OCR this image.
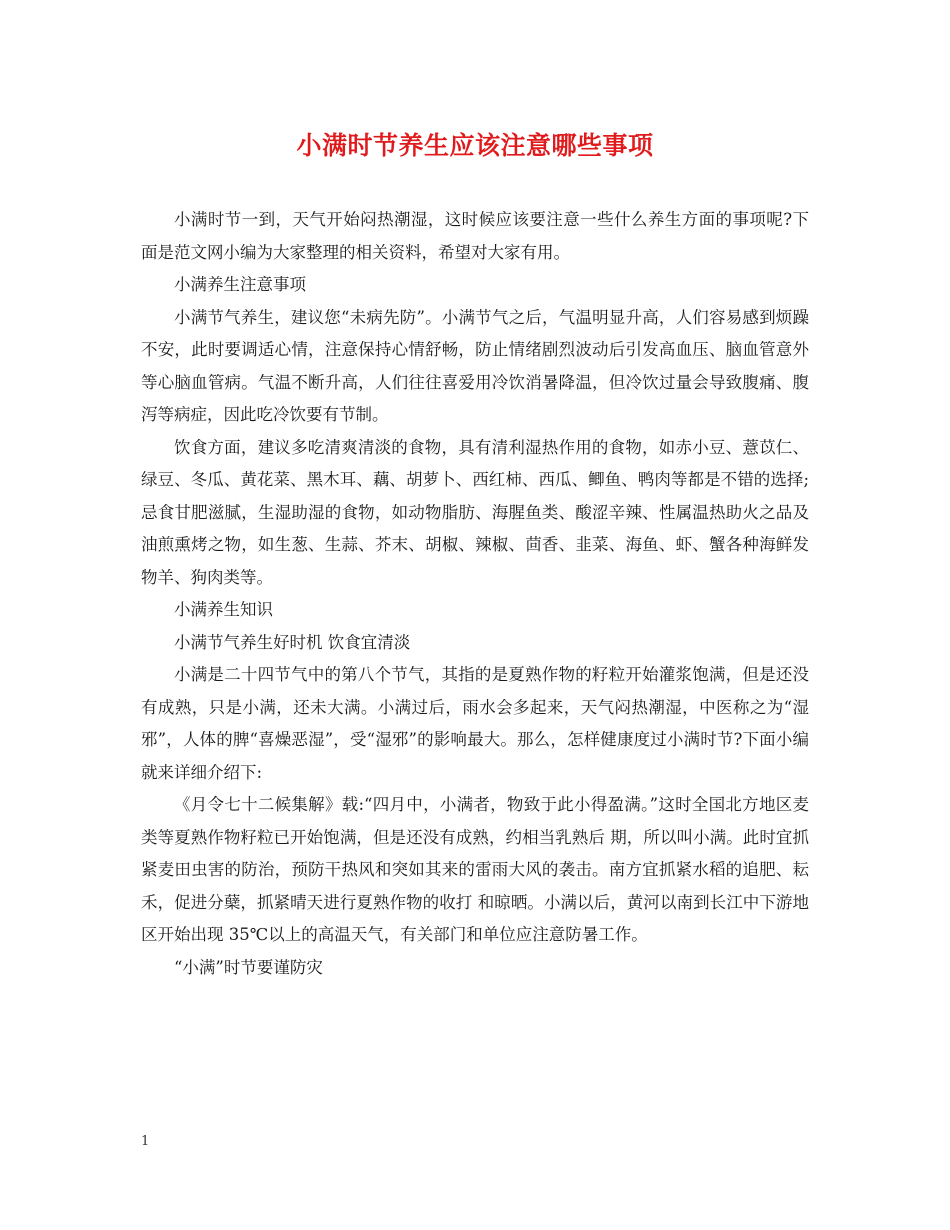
小满时节养生应该注意哪些事项

小满时节一到，天气开始闷热潮湿，这时候应该要注意一些什么养生方面的事项呢?下面是范文网小编为大家整理的相关资料，希望对大家有用。

小满养生注意事项

小满节气养生，建议您“未病先防”。小满节气之后，气温明显升高，人们容易感到烦躁不安，此时要调适心情，注意保持心情舒畅，防止情绪剧烈波动后引发高血压、脑血管意外等心脑血管病。气温不断升高，人们往往喜爱用冷饮消暑降温，但冷饮过量会导致腹痛、腹泻等病症，因此吃冷饮要有节制。

饮食方面，建议多吃清爽清淡的食物，具有清利湿热作用的食物，如赤小豆、薏苡仁、绿豆、冬瓜、黄花菜、黑木耳、藕、胡萝卜、西红柿、西瓜、鲫鱼、鸭肉等都是不错的选择;忌食甘肥滋腻，生湿助湿的食物，如动物脂肪、海腥鱼类、酸涩辛辣、性属温热助火之品及油煎熏烤之物，如生葱、生蒜、芥末、胡椒、辣椒、茴香、韭菜、海鱼、虾、蟹各种海鲜发物羊、狗肉类等。

小满养生知识

小满节气养生好时机 饮食宜清淡

小满是二十四节气中的第八个节气，其指的是夏熟作物的籽粒开始灌浆饱满，但是还没有成熟，只是小满，还未大满。小满过后，雨水会多起来，天气闷热潮湿，中医称之为“湿邪”，人体的脾“喜燥恶湿”，受“湿邪”的影响最大。那么，怎样健康度过小满时节?下面小编就来详细介绍下:

《月令七十二候集解》载:“四月中，小满者，物致于此小得盈满。”这时全国北方地区麦类等夏熟作物籽粒已开始饱满，但是还没有成熟，约相当乳熟后 期，所以叫小满。此时宜抓紧麦田虫害的防治，预防干热风和突如其来的雷雨大风的袭击。南方宜抓紧水稻的追肥、耘禾，促进分蘖，抓紧晴天进行夏熟作物的收打 和晾晒。小满以后，黄河以南到长江中下游地区开始出现 35℃以上的高温天气，有关部门和单位应注意防暑工作。

“小满”时节要谨防灾

1
